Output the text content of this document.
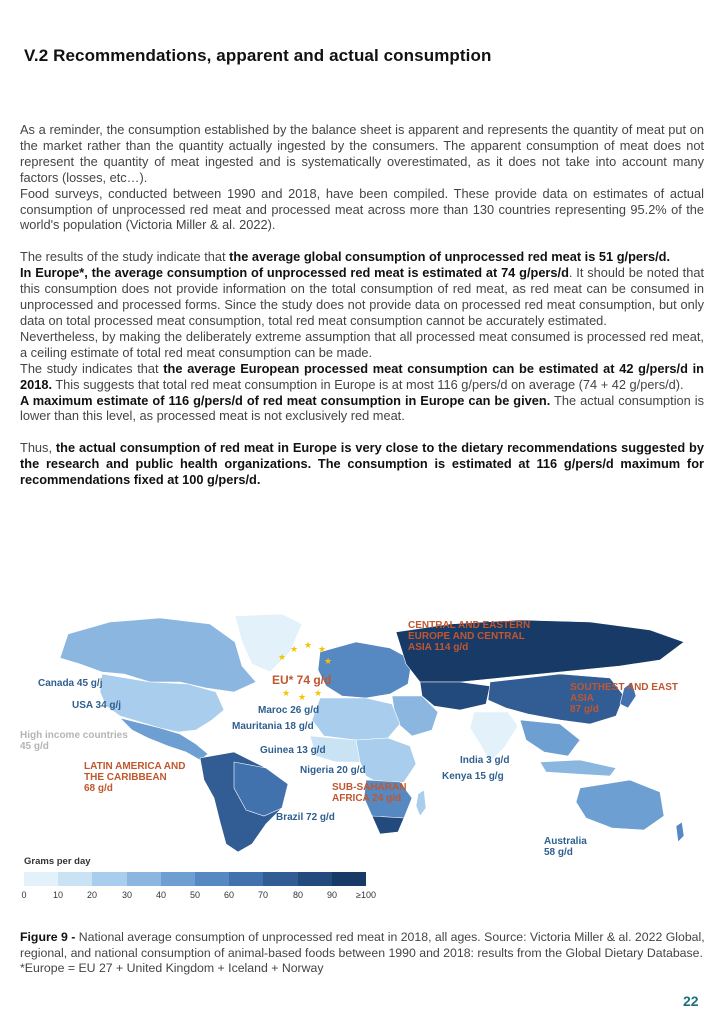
V.2 Recommendations, apparent and actual consumption

As a reminder, the consumption established by the balance sheet is apparent and represents the quantity of meat put on the market rather than the quantity actually ingested by the consumers. The apparent consumption of meat does not represent the quantity of meat ingested and is systematically overestimated, as it does not take into account many factors (losses, etc…).
Food surveys, conducted between 1990 and 2018, have been compiled. These provide data on estimates of actual consumption of unprocessed red meat and processed meat across more than 130 countries representing 95.2% of the world's population (Victoria Miller & al. 2022).

The results of the study indicate that the average global consumption of unprocessed red meat is 51 g/pers/d.

In Europe*, the average consumption of unprocessed red meat is estimated at 74 g/pers/d. It should be noted that this consumption does not provide information on the total consumption of red meat, as red meat can be consumed in unprocessed and processed forms. Since the study does not provide data on processed red meat consumption, but only data on total processed meat consumption, total red meat consumption cannot be accurately estimated.

Nevertheless, by making the deliberately extreme assumption that all processed meat consumed is processed red meat, a ceiling estimate of total red meat consumption can be made.

The study indicates that the average European processed meat consumption can be estimated at 42 g/pers/d in 2018. This suggests that total red meat consumption in Europe is at most 116 g/pers/d on average (74 + 42 g/pers/d).

A maximum estimate of 116 g/pers/d of red meat consumption in Europe can be given. The actual consumption is lower than this level, as processed meat is not exclusively red meat.

Thus, the actual consumption of red meat in Europe is very close to the dietary recommendations suggested by the research and public health organizations. The consumption is estimated at 116 g/pers/d maximum for recommendations fixed at 100 g/pers/d.

★
★ ★ ★
★
★ ★ ★
CENTRAL AND EASTERN
EUROPE AND CENTRAL
ASIA 114 g/d
EU* 74 g/d
Canada 45 g/j
USA 34 g/j	Maroc 26 g/d
Mauritania 18 g/d
SOUTHEST AND EAST
ASIA
87 g/d
High income countries
45 g/d	Guinea 13 g/d
India 3 g/d
LATIN AMERICA AND
THE CARIBBEAN
68 g/d
Nigeria 20 g/d
Kenya 15 g/g
SUB-SAHARAN
AFRICA 24 g/d
Brazil 72 g/d
Australia
58 g/d
Grams per day
0	10	20	30	40	50	60	70	80	90 ≥100

Figure 9 - National average consumption of unprocessed red meat in 2018, all ages. Source: Victoria Miller & al. 2022 Global, regional, and national consumption of animal-based foods between 1990 and 2018: results from the Global Dietary Database.

*Europe = EU 27 + United Kingdom + Iceland + Norway

22
